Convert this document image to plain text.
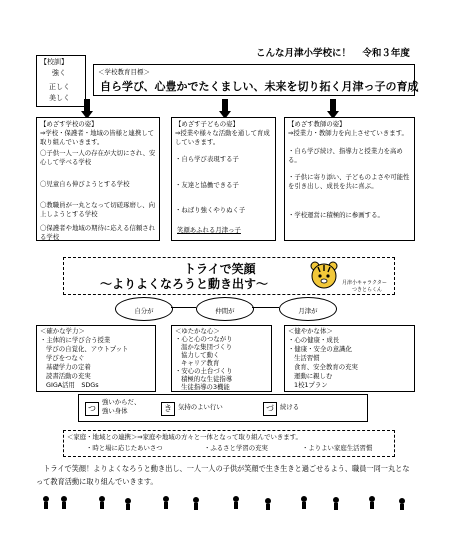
こんな月津小学校に！ 令和３年度
【校訓】
強く
正しく
美しく
＜学校教育目標＞
自ら学び、心豊かでたくましい、未来を切り拓く月津っ子の育成
【めざす学校の姿】
⇒学校・保護者・地域の皆様と連携して取り組んでいきます。
〇子供一人一人の存在が大切にされ、安心して学べる学校
〇児童自ら伸びようとする学校
〇教職員が一丸となって切磋琢磨し、向上しようとする学校
〇保護者や地域の期待に応える信頼される学校
【めざす子どもの姿】
⇒授業や様々な活動を通して育成していきます。
・自ら学び表現する子
・友達と協働できる子
・ねばり強くやりぬく子
笑顔あふれる月津っ子
【めざす教師の姿】
⇒授業力・教師力を向上させていきます。
・自ら学び続け、指導力と授業力を高める。
・子供に寄り添い、子どものよさや可能性を引き出し、成長を共に喜ぶ。
・学校運営に積極的に参画する。
トライで笑顔
～よりよくなろうと動き出す～	月津小キャラクター
つきとらくん
自分が	仲間が	月津が
＜確かな学力＞
・主体的に学び合う授業
学びの自覚化、アウトプット
学びをつなぐ
基礎学力の定着
読書活動の充実
GIGA活用　SDGs
＜ゆたかな心＞
・心と心のつながり
温かな集団づくり
協力して動く
キャリア教育
・安心の土台づくり
積極的な生徒指導
生徒指導の3機能
＜健やかな体＞
・心の健康・成長
・健康・安全の意識化
生活習慣
食育、安全教育の充実
運動に親しむ
1校1プラン
つ
強いからだ、
強い身体	き 気持のよい行い	づ 続ける
＜家庭・地域との連携＞⇒家庭や地域の方々と一体となって取り組んでいきます。
・時と場に応じたあいさつ	・ふるさと学習の充実	・よりよい家庭生活習慣
トライで笑顔！よりよくなろうと動き出し、一人一人の子供が笑顔で生き生きと過ごせるよう、職員一同一丸となって教育活動に取り組んでいきます。
